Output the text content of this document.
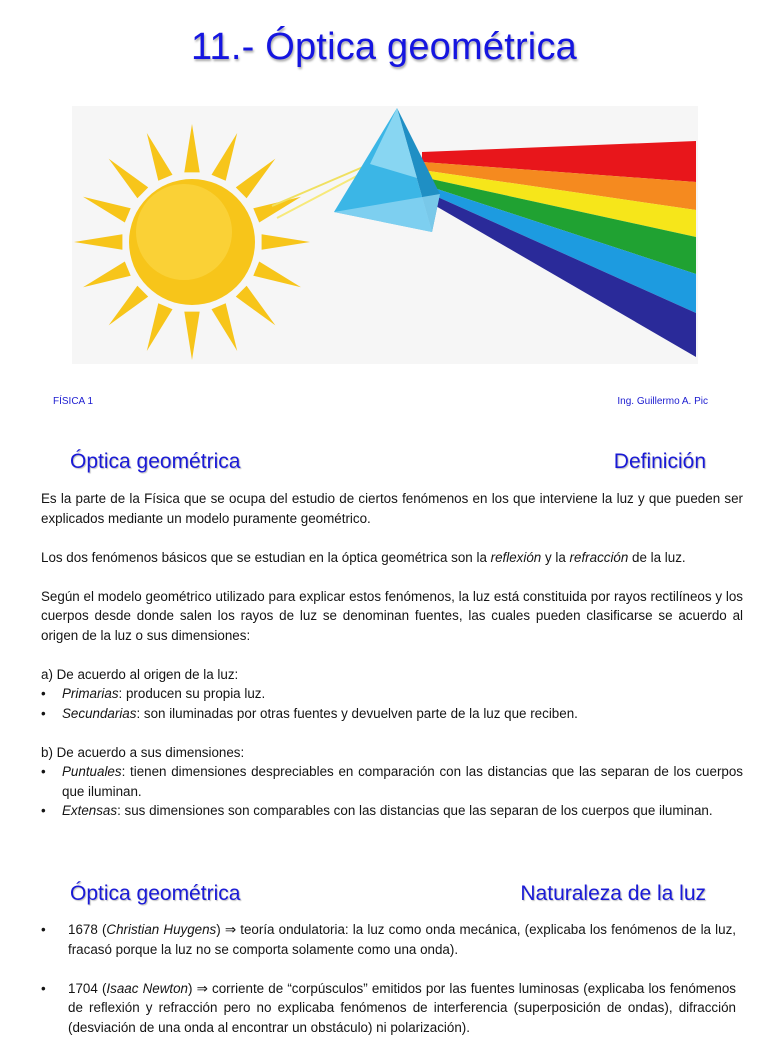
11.- Óptica geométrica
FÍSICA 1	Ing. Guillermo A. Pic
Óptica geométrica	Definición

Es la parte de la Física que se ocupa del estudio de ciertos fenómenos en los que interviene la luz y que pueden ser explicados mediante un modelo puramente geométrico.

Los dos fenómenos básicos que se estudian en la óptica geométrica son la reflexión y la refracción de la luz.

Según el modelo geométrico utilizado para explicar estos fenómenos, la luz está constituida por rayos rectilíneos y los cuerpos desde donde salen los rayos de luz se denominan fuentes, las cuales pueden clasificarse se acuerdo al origen de la luz o sus dimensiones:

a) De acuerdo al origen de la luz:
•	Primarias: producen su propia luz.
•	Secundarias: son iluminadas por otras fuentes y devuelven parte de la luz que reciben.
b) De acuerdo a sus dimensiones:
•	Puntuales: tienen dimensiones despreciables en comparación con las distancias que las separan de los cuerpos que iluminan.
•	Extensas: sus dimensiones son comparables con las distancias que las separan de los cuerpos que iluminan.
Óptica geométrica	Naturaleza de la luz
•	1678 (Christian Huygens) ⇒ teoría ondulatoria: la luz como onda mecánica, (explicaba los fenómenos de la luz, fracasó porque la luz no se comporta solamente como una onda).
•	1704 (Isaac Newton) ⇒ corriente de “corpúsculos” emitidos por las fuentes luminosas (explicaba los fenómenos de reflexión y refracción pero no explicaba fenómenos de interferencia (superposición de ondas), difracción (desviación de una onda al encontrar un obstáculo) ni polarización).
